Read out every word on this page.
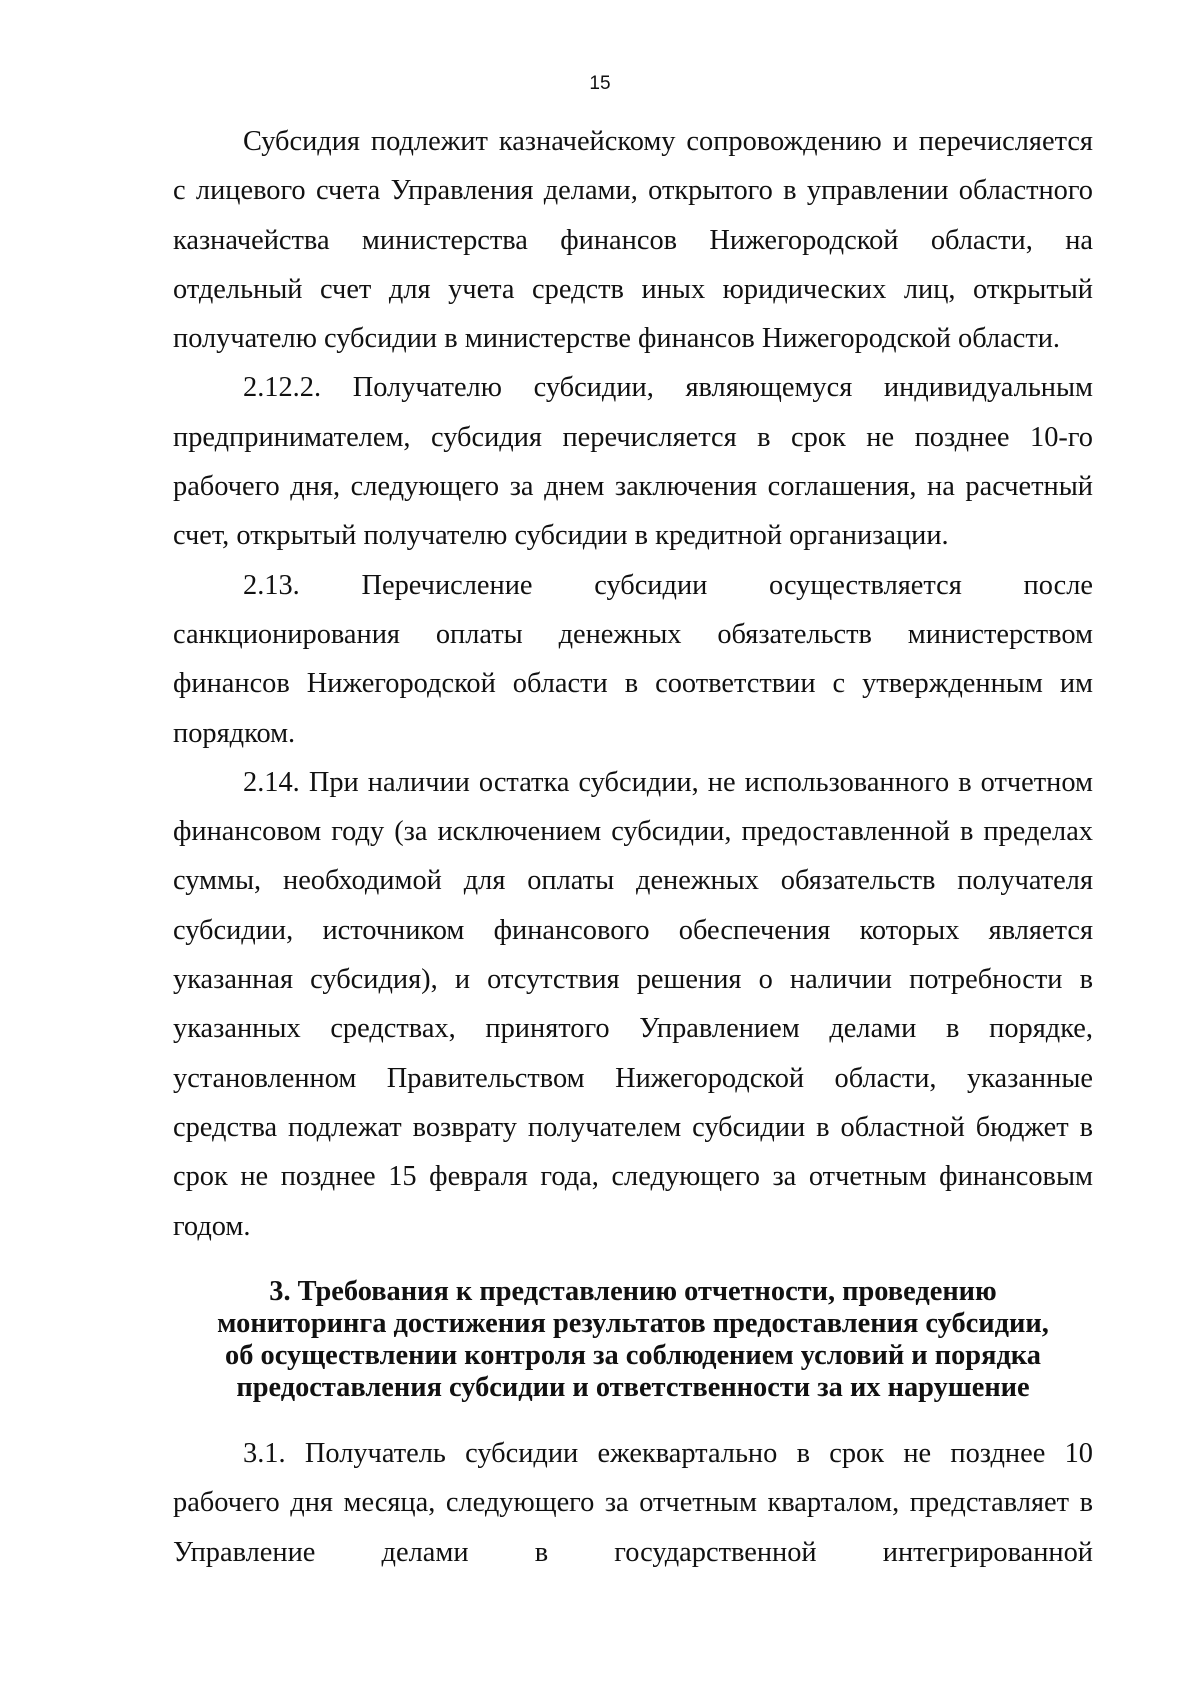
15

Субсидия подлежит казначейскому сопровождению и перечисляется с лицевого счета Управления делами, открытого в управлении областного казначейства министерства финансов Нижегородской области, на отдельный счет для учета средств иных юридических лиц, открытый получателю субсидии в министерстве финансов Нижегородской области.

2.12.2. Получателю субсидии, являющемуся индивидуальным предпринимателем, субсидия перечисляется в срок не позднее 10-го рабочего дня, следующего за днем заключения соглашения, на расчетный счет, открытый получателю субсидии в кредитной организации.

2.13. Перечисление субсидии осуществляется после санкционирования оплаты денежных обязательств министерством финансов Нижегородской области в соответствии с утвержденным им порядком.

2.14. При наличии остатка субсидии, не использованного в отчетном финансовом году (за исключением субсидии, предоставленной в пределах суммы, необходимой для оплаты денежных обязательств получателя субсидии, источником финансового обеспечения которых является указанная субсидия), и отсутствия решения о наличии потребности в указанных средствах, принятого Управлением делами в порядке, установленном Правительством Нижегородской области, указанные средства подлежат возврату получателем субсидии в областной бюджет в срок не позднее 15 февраля года, следующего за отчетным финансовым годом.

3. Требования к представлению отчетности, проведению
мониторинга достижения результатов предоставления субсидии,
об осуществлении контроля за соблюдением условий и порядка
предоставления субсидии и ответственности за их нарушение

3.1. Получатель субсидии ежеквартально в срок не позднее 10 рабочего дня месяца, следующего за отчетным кварталом, представляет в Управление делами в государственной интегрированной
